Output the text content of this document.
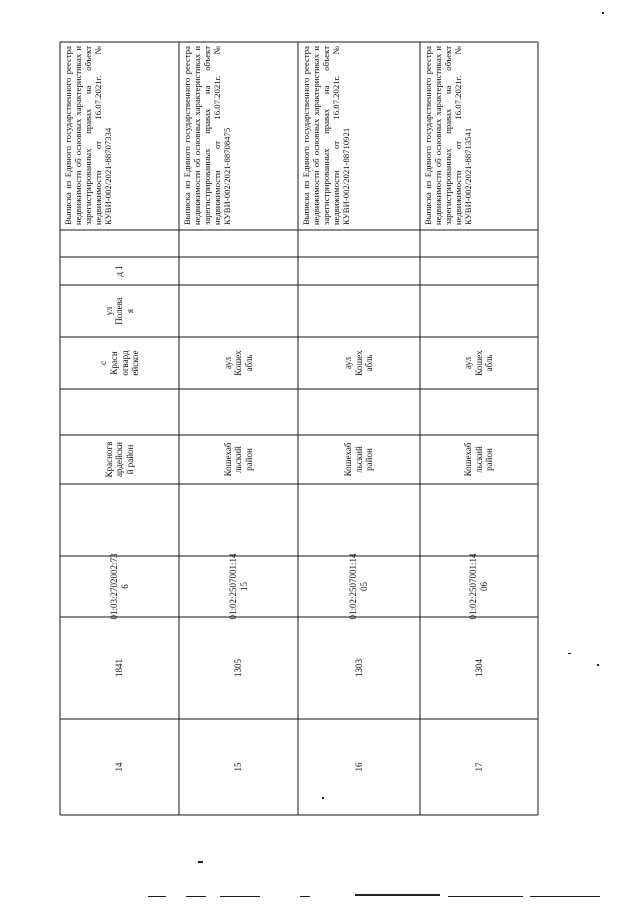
14
1841
01:03:2702002:73
6
Красногв
ардейски
й район
с
Красн
огвард
ейское
ул
Полева
я
д 1
Выписка из Единого государственного реестра недвижимости об основных характеристиках и зарегистрированных правах на объект недвижимости от 16.07.2021г. № КУВИ-002/2021-88707334
15
1305
01:02:2507001:14
15
Кошехаб
льский
район
аул
Кошех
абль
Выписка из Единого государственного реестра недвижимости об основных характеристиках и зарегистрированных правах на объект недвижимости от 16.07.2021г. № КУВИ-002/2021-88708475
16
1303
01:02:2507001:14
05
Кошехаб
льский
район
аул
Кошех
абль
Выписка из Единого государственного реестра недвижимости об основных характеристиках и зарегистрированных правах на объект недвижимости от 16.07.2021г. № КУВИ-002/2021-88710921
17
1304
01:02:2507001:14
06
Кошехаб
льский
район
аул
Кошех
абль
Выписка из Единого государственного реестра недвижимости об основных характеристиках и зарегистрированных правах на объект недвижимости от 16.07.2021г. № КУВИ-002/2021-88713541
